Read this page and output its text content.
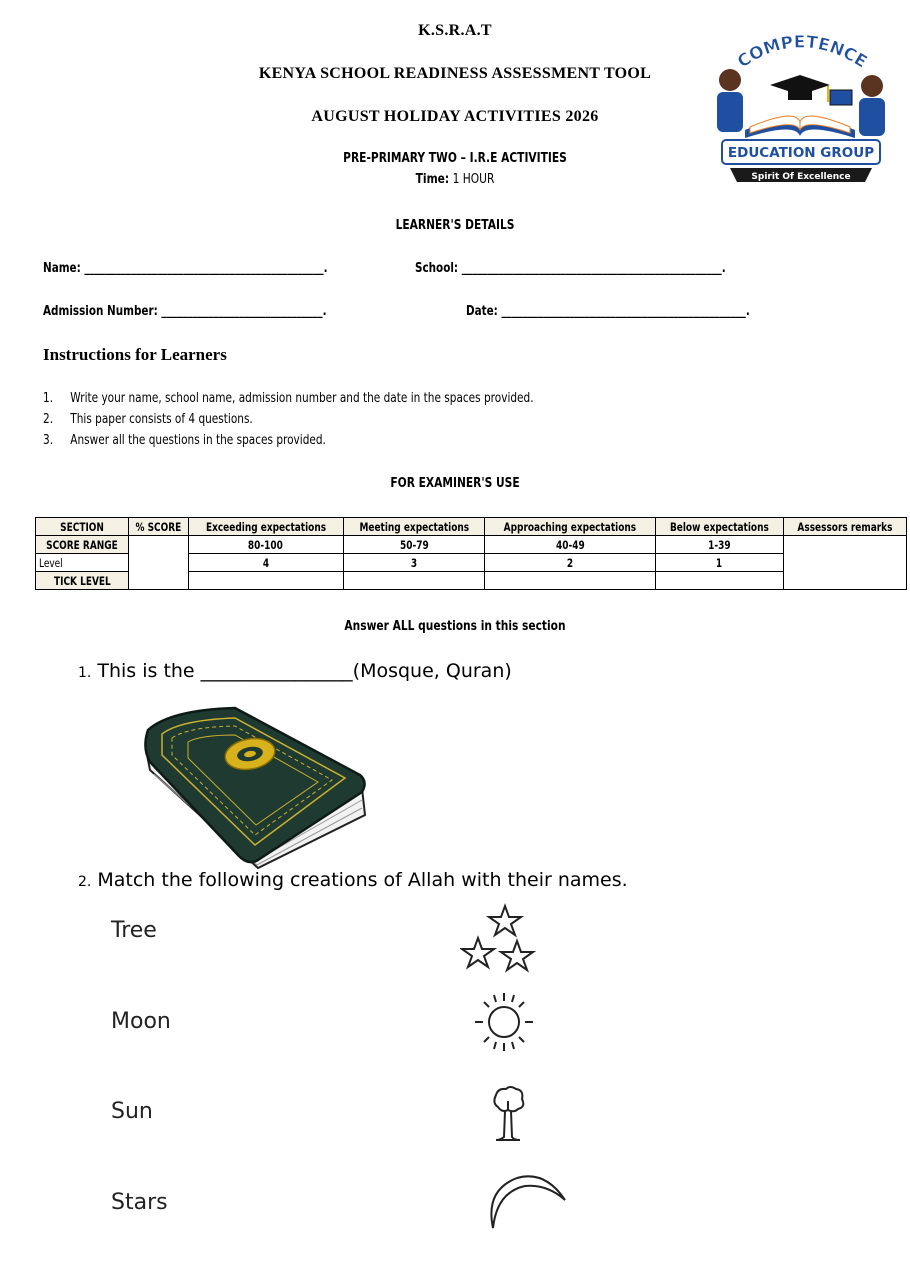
K.S.R.A.T
KENYA SCHOOL READINESS ASSESSMENT TOOL
AUGUST HOLIDAY ACTIVITIES 2026
PRE-PRIMARY TWO – I.R.E ACTIVITIES
Time: 1 HOUR
COMPETENCE
EDUCATION GROUP
Spirit Of Excellence
LEARNER'S DETAILS
Name: ______________________________________________.	School: __________________________________________________.
Admission Number: _______________________________.	Date: _______________________________________________.
Instructions for Learners
1. Write your name, school name, admission number and the date in the spaces provided.
2. This paper consists of 4 questions.
3. Answer all the questions in the spaces provided.
FOR EXAMINER'S USE
SECTION	% SCORE	Exceeding expectations	Meeting expectations	Approaching expectations	Below expectations	Assessors remarks
SCORE RANGE		80-100	50-79	40-49	1-39	
Level		4	3	2	1	
TICK LEVEL						
Answer ALL questions in this section
1. This is the ________________(Mosque, Quran)
2. Match the following creations of Allah with their names.
Tree
Moon
Sun
Stars
